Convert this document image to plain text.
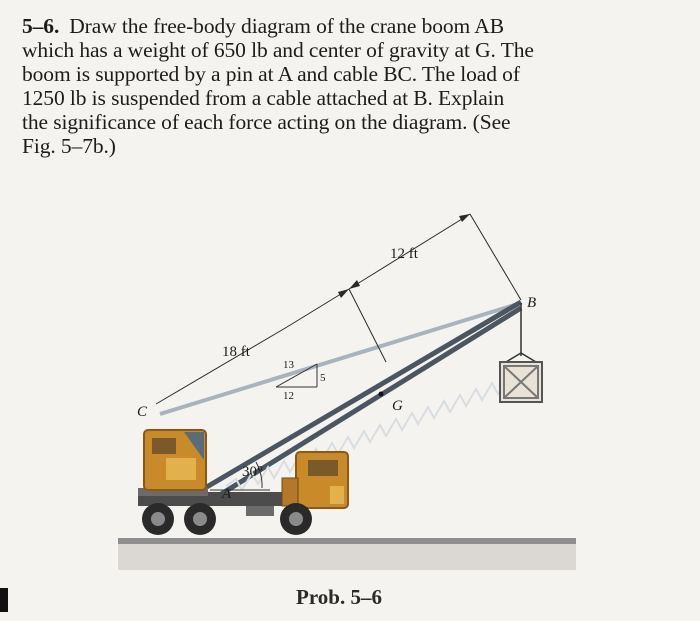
5–6. Draw the free-body diagram of the crane boom AB
which has a weight of 650 lb and center of gravity at G. The
boom is supported by a pin at A and cable BC. The load of
1250 lb is suspended from a cable attached at B. Explain
the significance of each force acting on the diagram. (See
Fig. 5–7b.)
12 ft
18 ft
13
5
12
30°
A
B
C	G
Prob. 5–6
